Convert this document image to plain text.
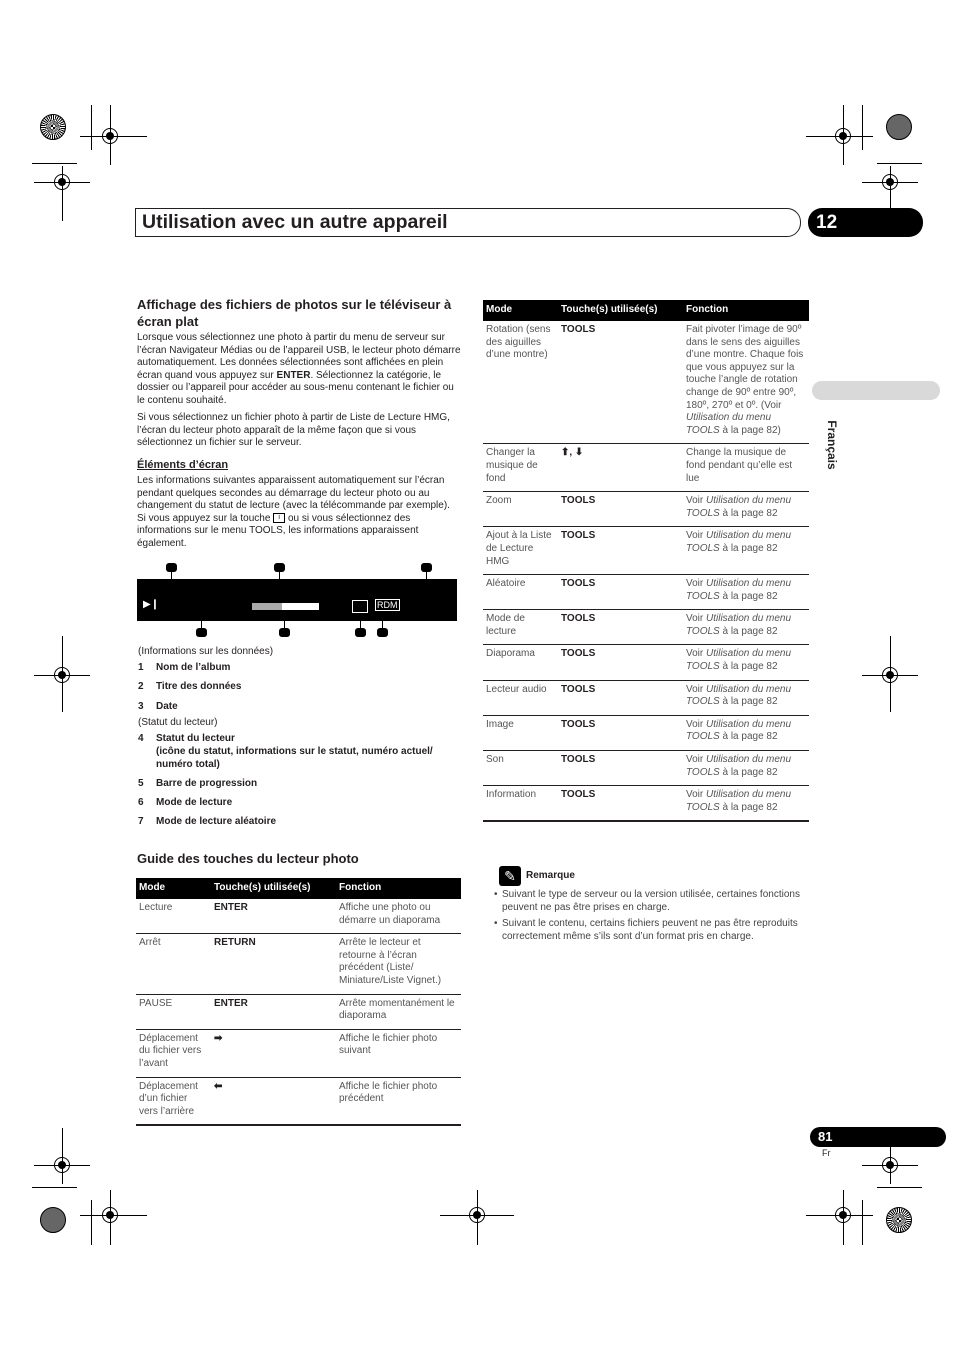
Utilisation avec un autre appareil	12
Français
Affichage des fichiers de photos sur le téléviseur à écran plat
Lorsque vous sélectionnez une photo à partir du menu de serveur sur l’écran Navigateur Médias ou de l’appareil USB, le lecteur photo démarre automatiquement. Les données sélectionnées sont affichées en plein écran quand vous appuyez sur ENTER. Sélectionnez la catégorie, le dossier ou l’appareil pour accéder au sous-menu contenant le fichier ou le contenu souhaité.
Si vous sélectionnez un fichier photo à partir de Liste de Lecture HMG, l’écran du lecteur photo apparaît de la même façon que si vous sélectionnez un fichier sur le serveur.
Éléments d’écran
Les informations suivantes apparaissent automatiquement sur l’écran pendant quelques secondes au démarrage du lecteur photo ou au changement du statut de lecture (avec la télécommande par exemple). Si vous appuyez sur la touche i ou si vous sélectionnez des informations sur le menu TOOLS, les informations apparaissent également.
▶❙	RDM
(Informations sur les données)
1 Nom de l’album
2 Titre des données
3 Date
(Statut du lecteur)
4 Statut du lecteur
(icône du statut, informations sur le statut, numéro actuel/ numéro total)
5 Barre de progression
6 Mode de lecture
7 Mode de lecture aléatoire
Guide des touches du lecteur photo
Mode	Touche(s) utilisée(s)	Fonction
Lecture	ENTER	Affiche une photo ou démarre un diaporama
Arrêt	RETURN	Arrête le lecteur et retourne à l’écran précédent (Liste/ Miniature/Liste Vignet.)
PAUSE	ENTER	Arrête momentanément le diaporama
Déplacement du fichier vers l’avant	➡	Affiche le fichier photo suivant
Déplacement d’un fichier vers l’arrière	⬅	Affiche le fichier photo précédent
Mode	Touche(s) utilisée(s)	Fonction
Rotation (sens des aiguilles d’une montre)	TOOLS	Fait pivoter l’image de 90º dans le sens des aiguilles d’une montre. Chaque fois que vous appuyez sur la touche l’angle de rotation change de 90º entre 90º, 180º, 270º et 0º. (Voir Utilisation du menu TOOLS à la page 82)
Changer la musique de fond	⬆, ⬇	Change la musique de fond pendant qu’elle est lue
Zoom	TOOLS	Voir Utilisation du menu TOOLS à la page 82
Ajout à la Liste de Lecture HMG	TOOLS	Voir Utilisation du menu TOOLS à la page 82
Aléatoire	TOOLS	Voir Utilisation du menu TOOLS à la page 82
Mode de lecture	TOOLS	Voir Utilisation du menu TOOLS à la page 82
Diaporama	TOOLS	Voir Utilisation du menu TOOLS à la page 82
Lecteur audio	TOOLS	Voir Utilisation du menu TOOLS à la page 82
Image	TOOLS	Voir Utilisation du menu TOOLS à la page 82
Son	TOOLS	Voir Utilisation du menu TOOLS à la page 82
Information	TOOLS	Voir Utilisation du menu TOOLS à la page 82
✎	Remarque
• Suivant le type de serveur ou la version utilisée, certaines fonctions peuvent ne pas être prises en charge.
• Suivant le contenu, certains fichiers peuvent ne pas être reproduits correctement même s’ils sont d’un format pris en charge.
81
Fr
